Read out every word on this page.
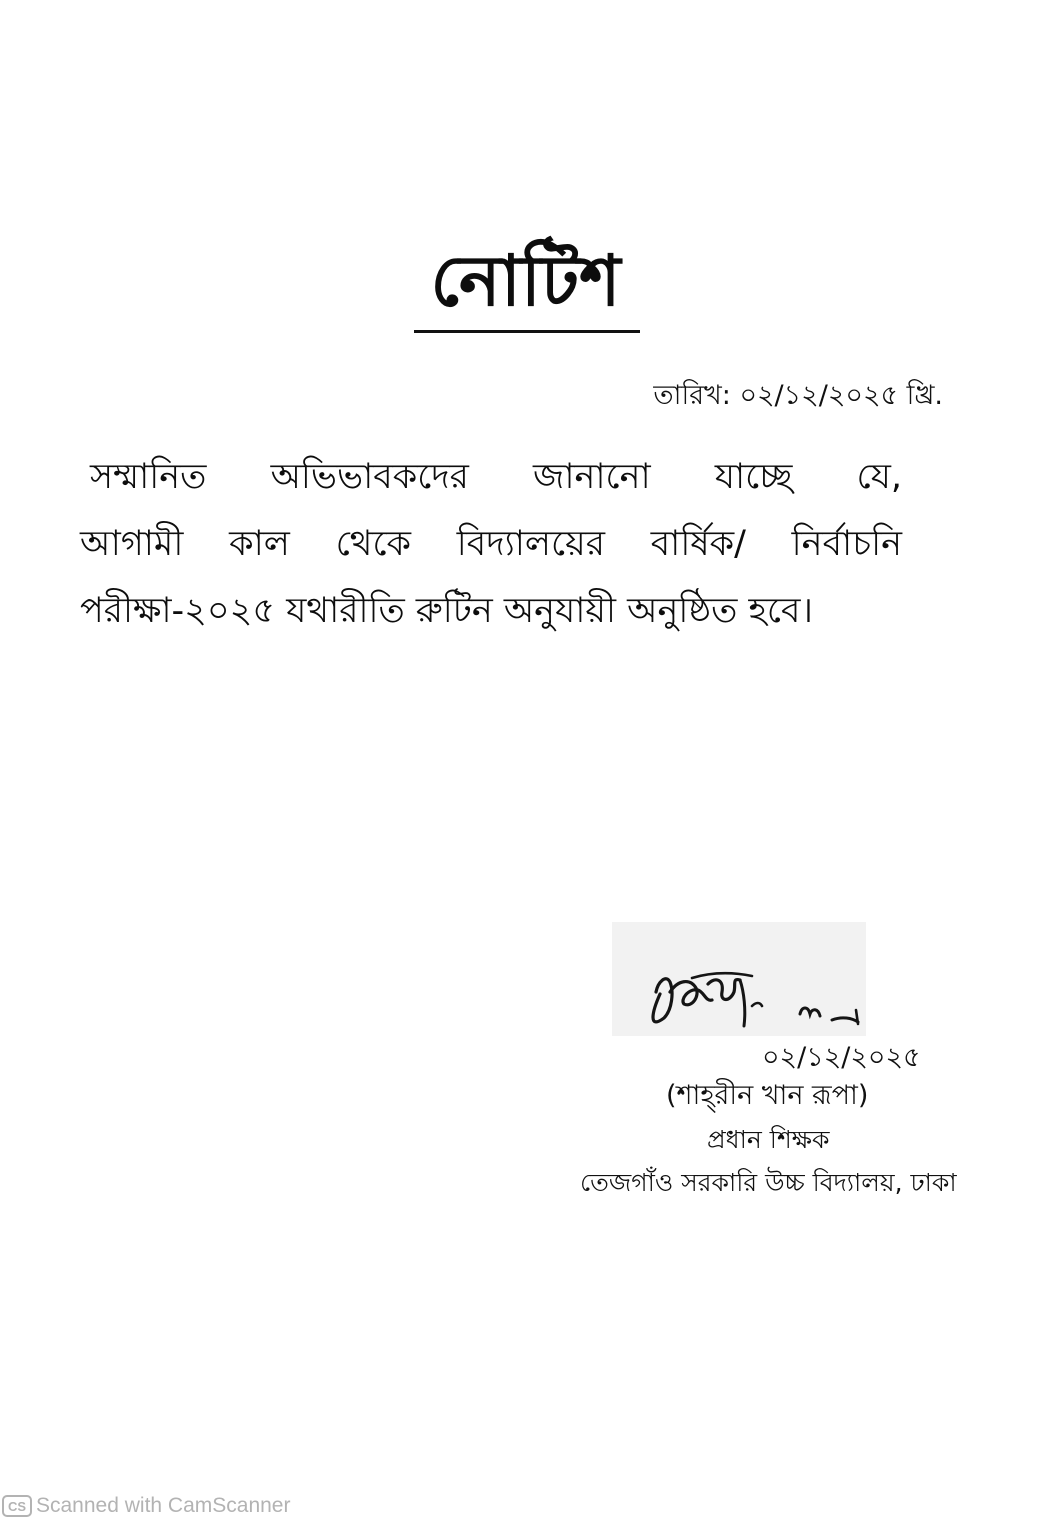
নোটিশ
তারিখ: ০২/১২/২০২৫ খ্রি.
সম্মানিত অভিভাবকদের জানানো যাচ্ছে যে,
আগামী কাল থেকে বিদ্যালয়ের বার্ষিক/ নির্বাচনি
পরীক্ষা-২০২৫ যথারীতি রুটিন অনুযায়ী অনুষ্ঠিত হবে।
০২/১২/২০২৫
(শাহ্‌রীন খান রূপা)
প্রধান শিক্ষক
তেজগাঁও সরকারি উচ্চ বিদ্যালয়, ঢাকা
CS Scanned with CamScanner
